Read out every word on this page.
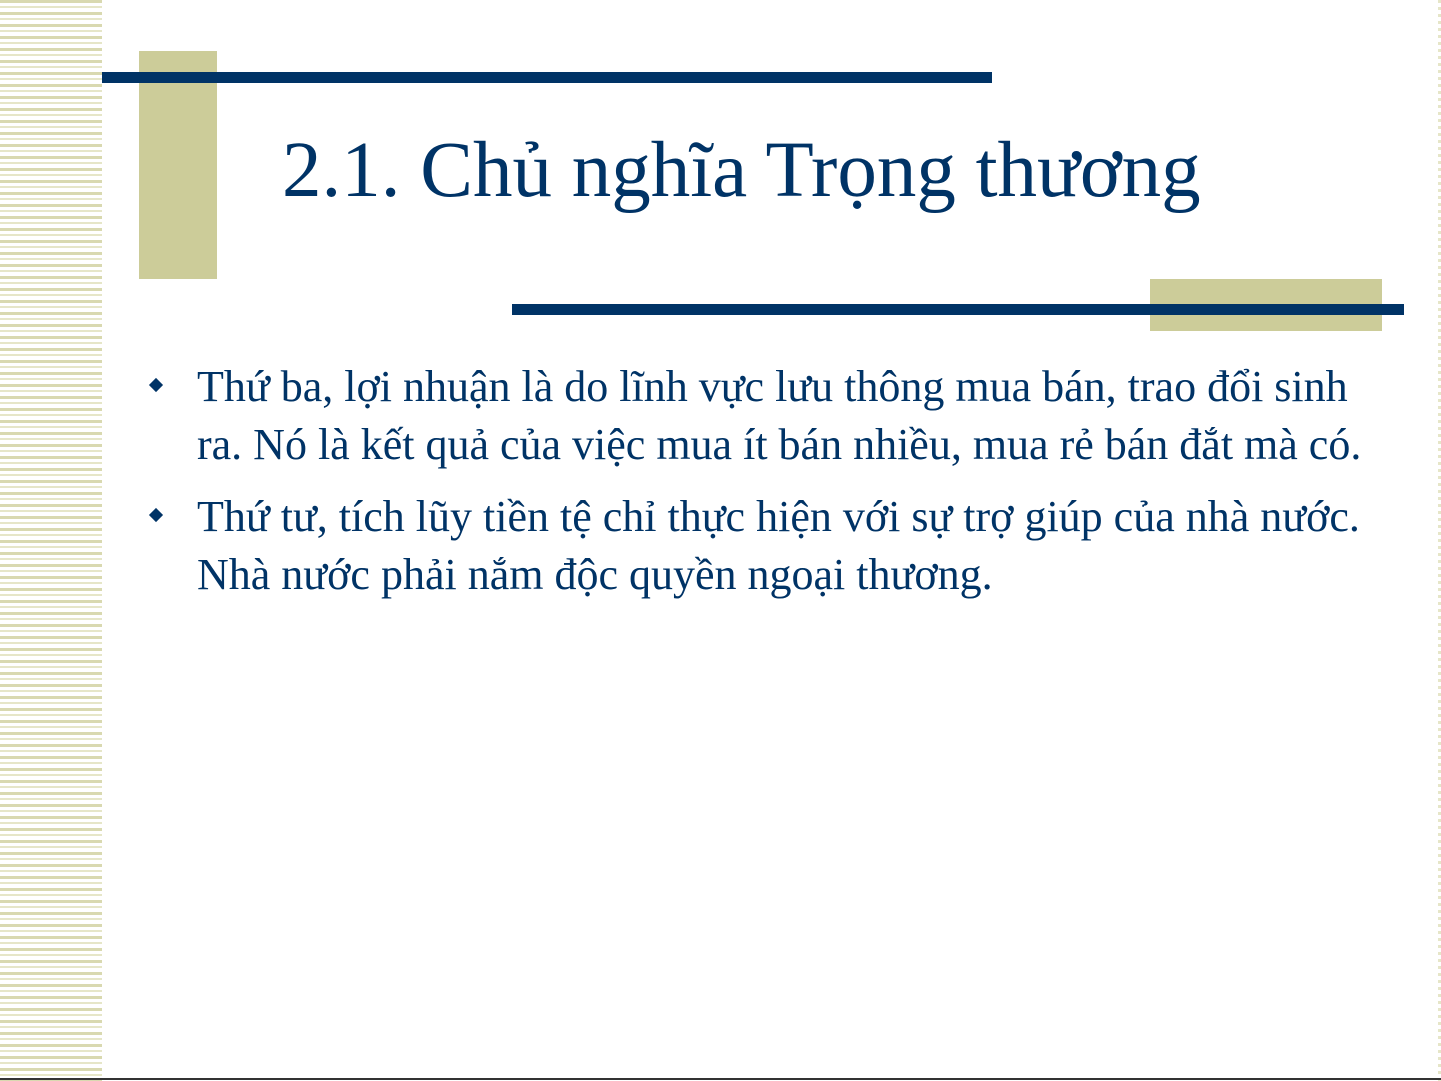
2.1. Chủ nghĩa Trọng thương
Thứ ba, lợi nhuận là do lĩnh vực lưu thông mua bán, trao đổi sinh ra. Nó là kết quả của việc mua ít bán nhiều, mua rẻ bán đắt mà có.
Thứ tư, tích lũy tiền tệ chỉ thực hiện với sự trợ giúp của nhà nước. Nhà nước phải nắm độc quyền ngoại thương.
